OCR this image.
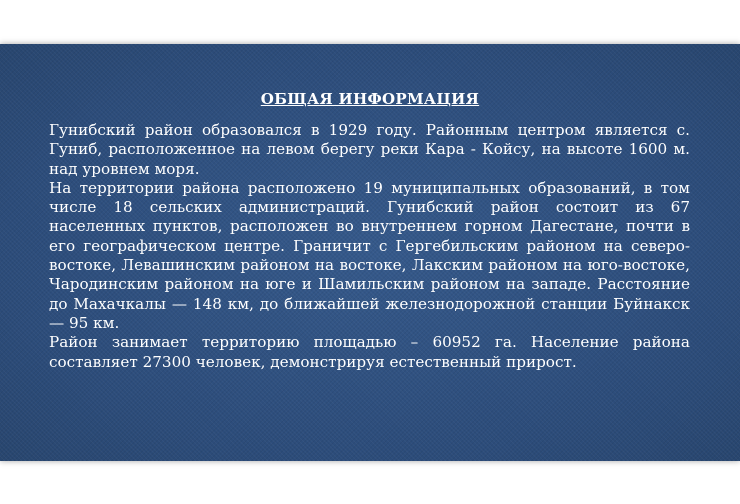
ОБЩАЯ ИНФОРМАЦИЯ

Гунибский район образовался в 1929 году. Районным центром является с. Гуниб, расположенное на левом берегу реки Кара - Койсу, на высоте 1600 м. над уровнем моря.

На территории района расположено 19 муниципальных образований, в том числе 18 сельских администраций. Гунибский район состоит из 67 населенных пунктов, расположен во внутреннем горном Дагестане, почти в его географическом центре. Граничит с Гергебильским районом на северо-востоке, Левашинским районом на востоке, Лакским районом на юго-востоке, Чародинским районом на юге и Шамильским районом на западе. Расстояние до Махачкалы — 148 км, до ближайшей железнодорожной станции Буйнакск — 95 км.

Район занимает территорию площадью – 60952 га. Население района составляет 27300 человек, демонстрируя естественный прирост.
